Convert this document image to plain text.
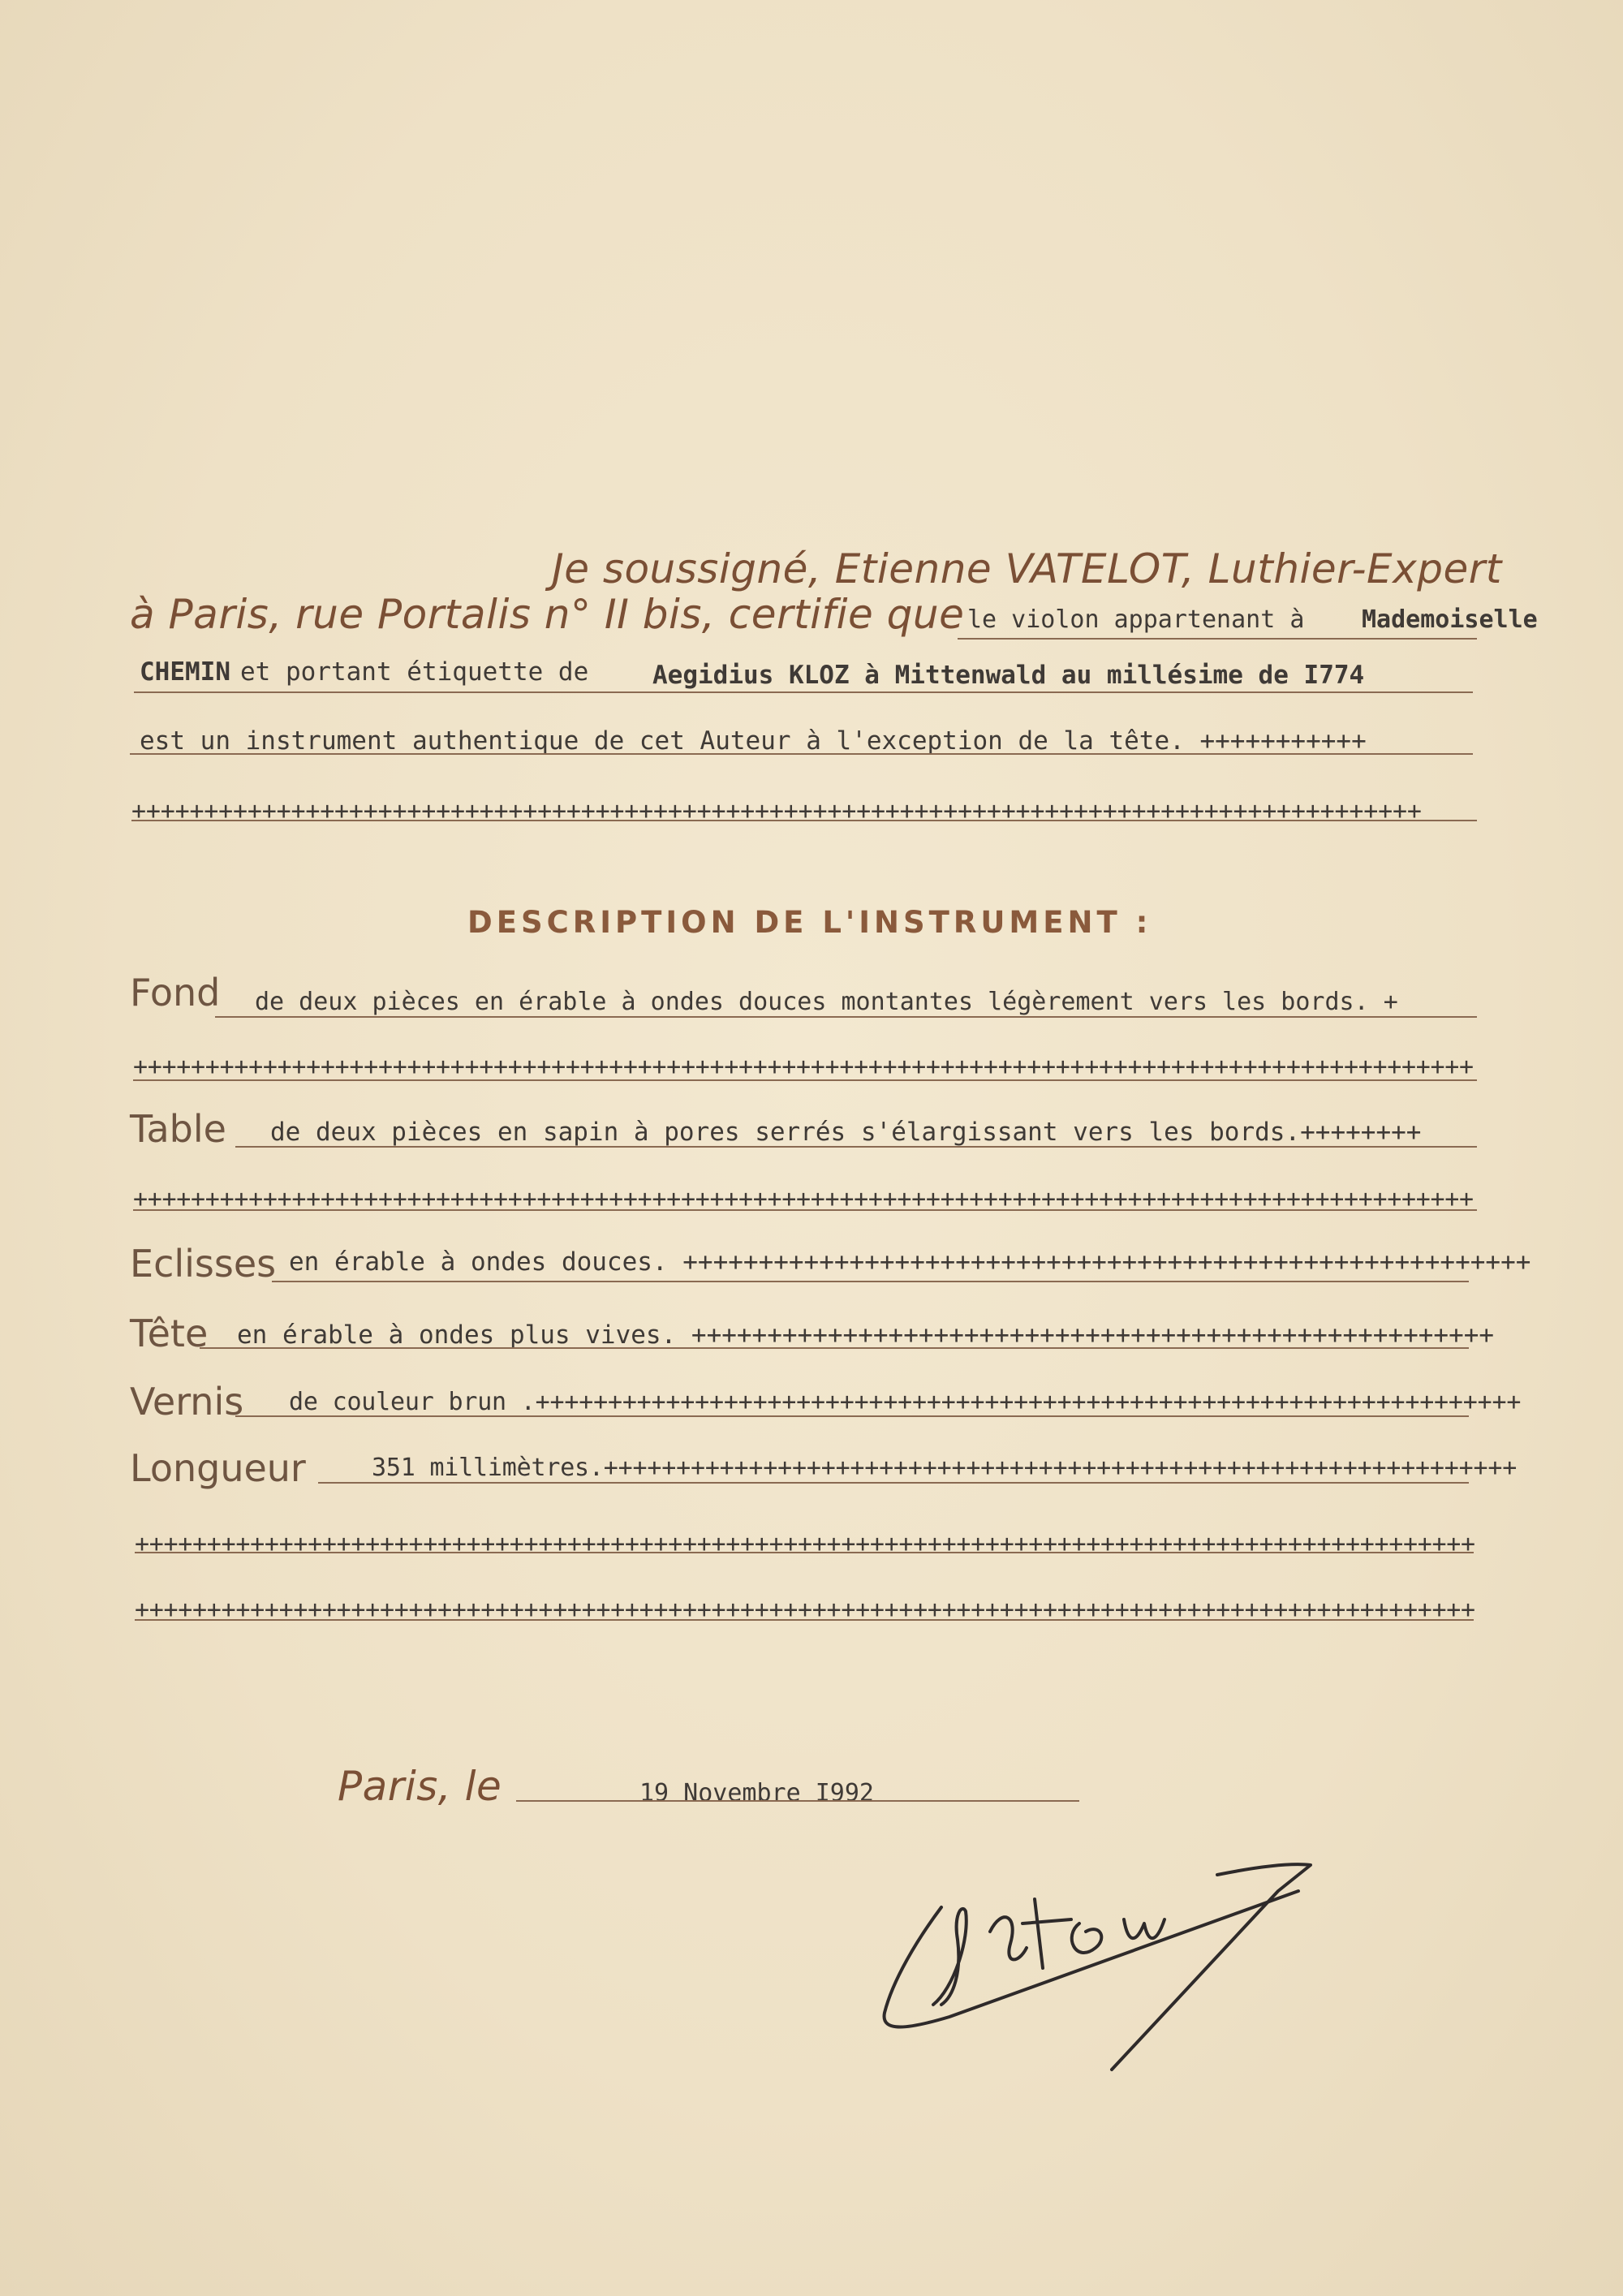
Je soussigné, Etienne VATELOT, Luthier-Expert
à Paris, rue Portalis n° II bis, certifie que le violon appartenant à Mademoiselle
CHEMIN et portant étiquette de	Aegidius KLOZ à Mittenwald au millésime de I774
est un instrument authentique de cet Auteur à l'exception de la tête. +++++++++++
+++++++++++++++++++++++++++++++++++++++++++++++++++++++++++++++++++++++++++++++++++++++++
DESCRIPTION DE L'INSTRUMENT :
Fond de deux pièces en érable à ondes douces montantes légèrement vers les bords. +
+++++++++++++++++++++++++++++++++++++++++++++++++++++++++++++++++++++++++++++++++++++++++++++
Table de deux pièces en sapin à pores serrés s'élargissant vers les bords.++++++++
+++++++++++++++++++++++++++++++++++++++++++++++++++++++++++++++++++++++++++++++++++++++++++++
Eclisses en érable à ondes douces. ++++++++++++++++++++++++++++++++++++++++++++++++++++++++
Tête en érable à ondes plus vives. +++++++++++++++++++++++++++++++++++++++++++++++++++++
Vernis de couleur brun .++++++++++++++++++++++++++++++++++++++++++++++++++++++++++++++++++++
Longueur	351 millimètres.+++++++++++++++++++++++++++++++++++++++++++++++++++++++++++++++
+++++++++++++++++++++++++++++++++++++++++++++++++++++++++++++++++++++++++++++++++++++++++++++
+++++++++++++++++++++++++++++++++++++++++++++++++++++++++++++++++++++++++++++++++++++++++++++
Paris, le	19 Novembre I992
